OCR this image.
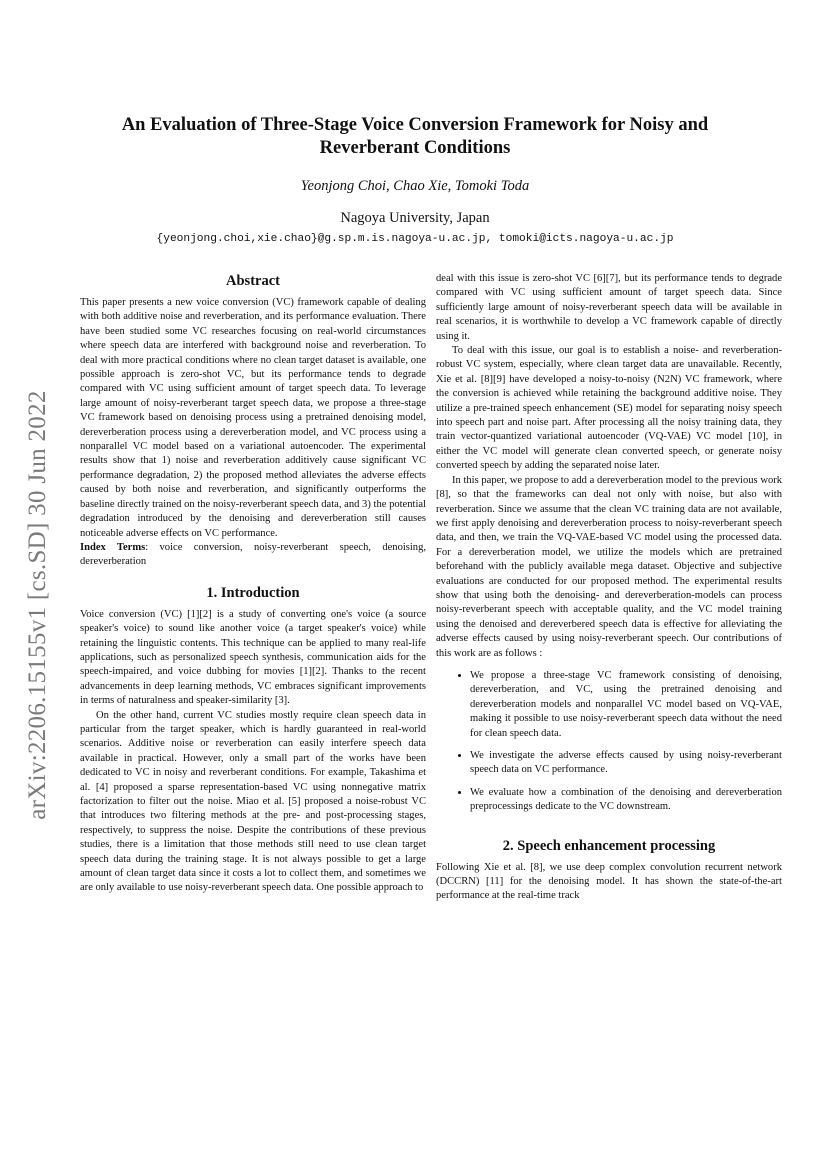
arXiv:2206.15155v1 [cs.SD] 30 Jun 2022
An Evaluation of Three-Stage Voice Conversion Framework for Noisy and Reverberant Conditions
Yeonjong Choi, Chao Xie, Tomoki Toda
Nagoya University, Japan
{yeonjong.choi,xie.chao}@g.sp.m.is.nagoya-u.ac.jp, tomoki@icts.nagoya-u.ac.jp
Abstract

This paper presents a new voice conversion (VC) framework capable of dealing with both additive noise and reverberation, and its performance evaluation. There have been studied some VC researches focusing on real-world circumstances where speech data are interfered with background noise and reverberation. To deal with more practical conditions where no clean target dataset is available, one possible approach is zero-shot VC, but its performance tends to degrade compared with VC using sufficient amount of target speech data. To leverage large amount of noisy-reverberant target speech data, we propose a three-stage VC framework based on denoising process using a pretrained denoising model, dereverberation process using a dereverberation model, and VC process using a nonparallel VC model based on a variational autoencoder. The experimental results show that 1) noise and reverberation additively cause significant VC performance degradation, 2) the proposed method alleviates the adverse effects caused by both noise and reverberation, and significantly outperforms the baseline directly trained on the noisy-reverberant speech data, and 3) the potential degradation introduced by the denoising and dereverberation still causes noticeable adverse effects on VC performance.

Index Terms: voice conversion, noisy-reverberant speech, denoising, dereverberation

1. Introduction

Voice conversion (VC) [1][2] is a study of converting one's voice (a source speaker's voice) to sound like another voice (a target speaker's voice) while retaining the linguistic contents. This technique can be applied to many real-life applications, such as personalized speech synthesis, communication aids for the speech-impaired, and voice dubbing for movies [1][2]. Thanks to the recent advancements in deep learning methods, VC embraces significant improvements in terms of naturalness and speaker-similarity [3].

On the other hand, current VC studies mostly require clean speech data in particular from the target speaker, which is hardly guaranteed in real-world scenarios. Additive noise or reverberation can easily interfere speech data available in practical. However, only a small part of the works have been dedicated to VC in noisy and reverberant conditions. For example, Takashima et al. [4] proposed a sparse representation-based VC using nonnegative matrix factorization to filter out the noise. Miao et al. [5] proposed a noise-robust VC that introduces two filtering methods at the pre- and post-processing stages, respectively, to suppress the noise. Despite the contributions of these previous studies, there is a limitation that those methods still need to use clean target speech data during the training stage. It is not always possible to get a large amount of clean target data since it costs a lot to collect them, and sometimes we are only available to use noisy-reverberant speech data. One possible approach to

deal with this issue is zero-shot VC [6][7], but its performance tends to degrade compared with VC using sufficient amount of target speech data. Since sufficiently large amount of noisy-reverberant speech data will be available in real scenarios, it is worthwhile to develop a VC framework capable of directly using it.

To deal with this issue, our goal is to establish a noise- and reverberation-robust VC system, especially, where clean target data are unavailable. Recently, Xie et al. [8][9] have developed a noisy-to-noisy (N2N) VC framework, where the conversion is achieved while retaining the background additive noise. They utilize a pre-trained speech enhancement (SE) model for separating noisy speech into speech part and noise part. After processing all the noisy training data, they train vector-quantized variational autoencoder (VQ-VAE) VC model [10], in either the VC model will generate clean converted speech, or generate noisy converted speech by adding the separated noise later.

In this paper, we propose to add a dereverberation model to the previous work [8], so that the frameworks can deal not only with noise, but also with reverberation. Since we assume that the clean VC training data are not available, we first apply denoising and dereverberation process to noisy-reverberant speech data, and then, we train the VQ-VAE-based VC model using the processed data. For a dereverberation model, we utilize the models which are pretrained beforehand with the publicly available mega dataset. Objective and subjective evaluations are conducted for our proposed method. The experimental results show that using both the denoising- and dereverberation-models can process noisy-reverberant speech with acceptable quality, and the VC model training using the denoised and dereverbered speech data is effective for alleviating the adverse effects caused by using noisy-reverberant speech. Our contributions of this work are as follows :

• We propose a three-stage VC framework consisting of denoising, dereverberation, and VC, using the pretrained denoising and dereverberation models and nonparallel VC model based on VQ-VAE, making it possible to use noisy-reverberant speech data without the need for clean speech data.
• We investigate the adverse effects caused by using noisy-reverberant speech data on VC performance.
• We evaluate how a combination of the denoising and dereverberation preprocessings dedicate to the VC downstream.
2. Speech enhancement processing

Following Xie et al. [8], we use deep complex convolution recurrent network (DCCRN) [11] for the denoising model. It has shown the state-of-the-art performance at the real-time track
